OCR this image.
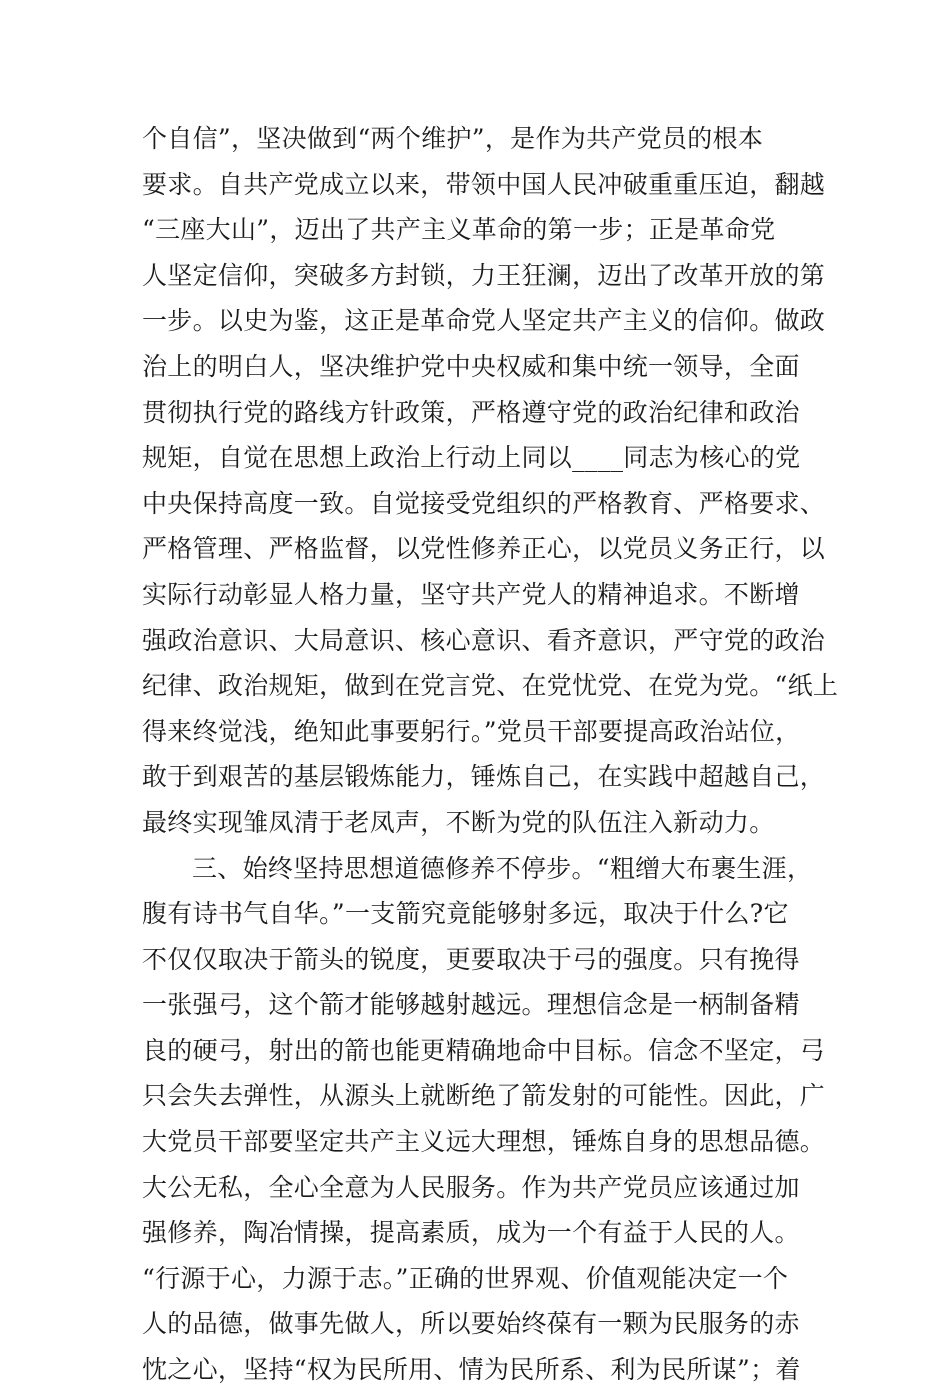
个自信”，坚决做到“两个维护”，是作为共产党员的根本
要求。自共产党成立以来，带领中国人民冲破重重压迫，翻越
“三座大山”，迈出了共产主义革命的第一步；正是革命党
人坚定信仰，突破多方封锁，力王狂澜，迈出了改革开放的第
一步。以史为鉴，这正是革命党人坚定共产主义的信仰。做政
治上的明白人，坚决维护党中央权威和集中统一领导，全面
贯彻执行党的路线方针政策，严格遵守党的政治纪律和政治
规矩，自觉在思想上政治上行动上同以____同志为核心的党
中央保持高度一致。自觉接受党组织的严格教育、严格要求、
严格管理、严格监督，以党性修养正心，以党员义务正行，以
实际行动彰显人格力量，坚守共产党人的精神追求。不断增
强政治意识、大局意识、核心意识、看齐意识，严守党的政治
纪律、政治规矩，做到在党言党、在党忧党、在党为党。“纸上
得来终觉浅，绝知此事要躬行。”党员干部要提高政治站位，
敢于到艰苦的基层锻炼能力，锤炼自己，在实践中超越自己，
最终实现雏凤清于老凤声，不断为党的队伍注入新动力。
三、始终坚持思想道德修养不停步。“粗缯大布裹生涯，
腹有诗书气自华。”一支箭究竟能够射多远，取决于什么?它
不仅仅取决于箭头的锐度，更要取决于弓的强度。只有挽得
一张强弓，这个箭才能够越射越远。理想信念是一柄制备精
良的硬弓，射出的箭也能更精确地命中目标。信念不坚定，弓
只会失去弹性，从源头上就断绝了箭发射的可能性。因此，广
大党员干部要坚定共产主义远大理想，锤炼自身的思想品德。
大公无私，全心全意为人民服务。作为共产党员应该通过加
强修养，陶冶情操，提高素质，成为一个有益于人民的人。
“行源于心，力源于志。”正确的世界观、价值观能决定一个
人的品德，做事先做人，所以要始终葆有一颗为民服务的赤
忱之心，坚持“权为民所用、情为民所系、利为民所谋”；着
